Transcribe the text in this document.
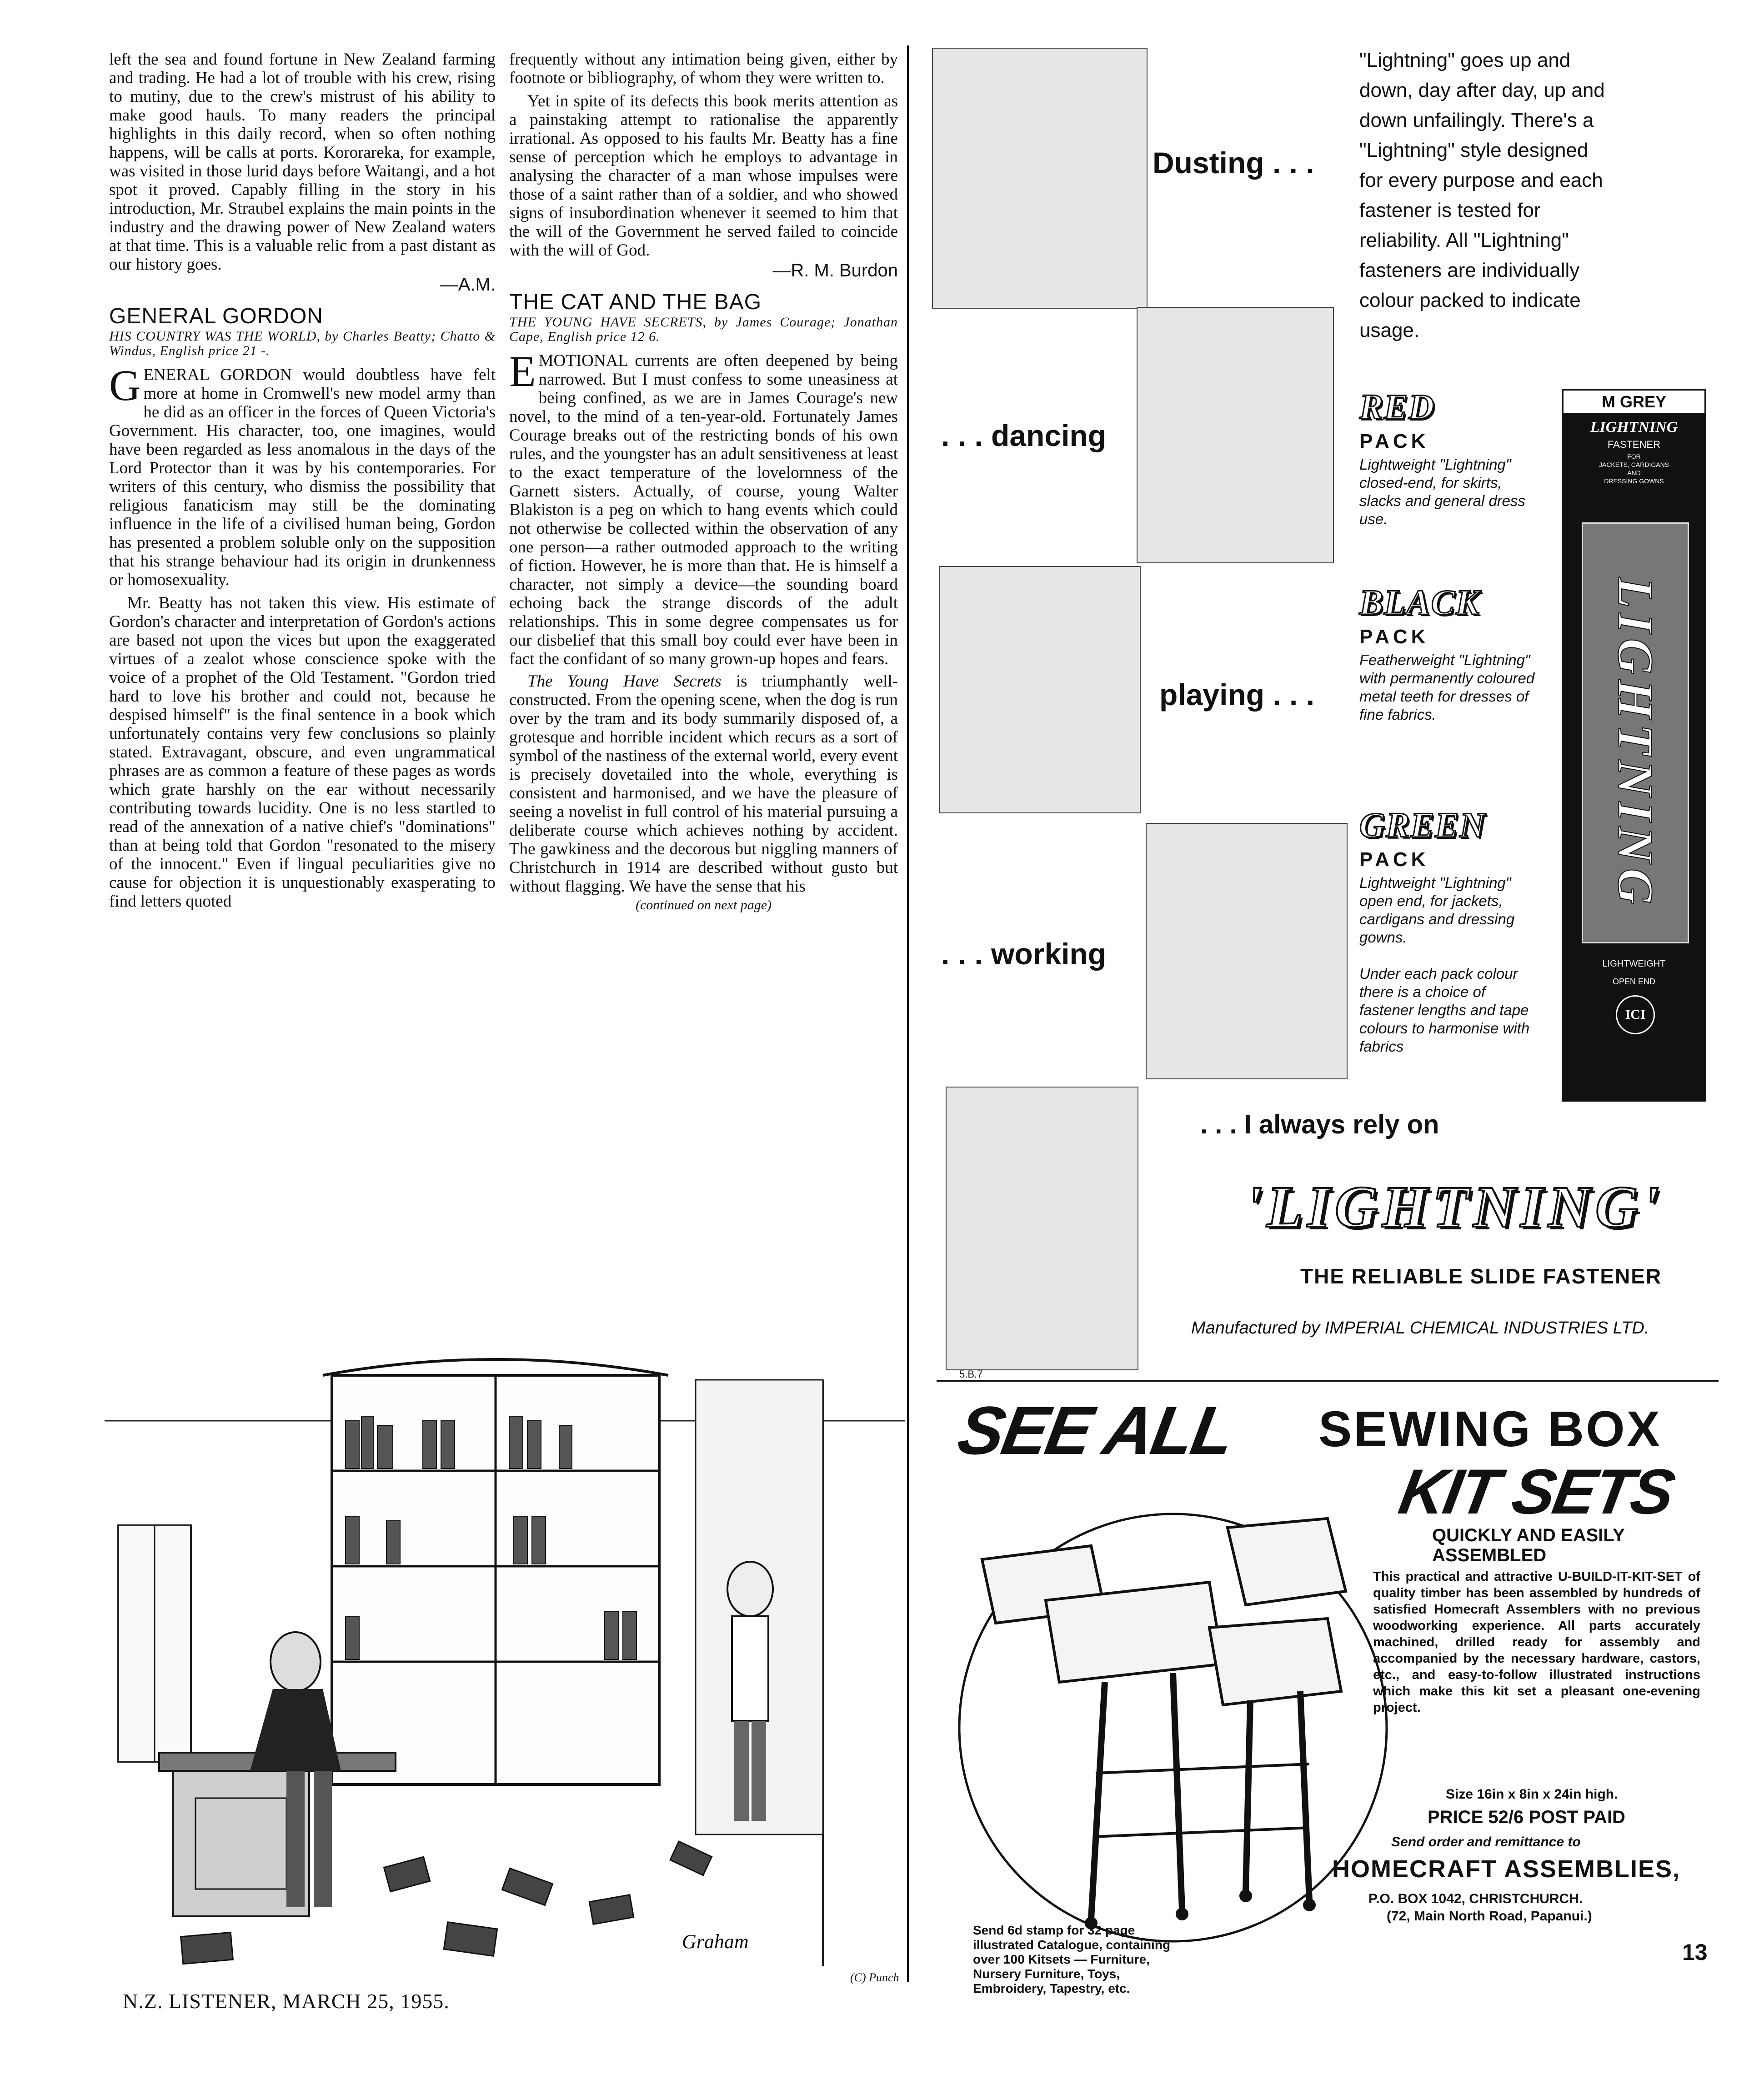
left the sea and found fortune in New Zealand farming and trading. He had a lot of trouble with his crew, rising to mutiny, due to the crew's mistrust of his ability to make good hauls. To many readers the principal highlights in this daily record, when so often nothing happens, will be calls at ports. Kororareka, for example, was visited in those lurid days before Waitangi, and a hot spot it proved. Capably filling in the story in his introduction, Mr. Straubel explains the main points in the industry and the drawing power of New Zealand waters at that time. This is a valuable relic from a past distant as our history goes.

—A.M.
GENERAL GORDON
HIS COUNTRY WAS THE WORLD, by Charles Beatty; Chatto & Windus, English price 21 -.

GENERAL GORDON would doubtless have felt more at home in Cromwell's new model army than he did as an officer in the forces of Queen Victoria's Government. His character, too, one imagines, would have been regarded as less anomalous in the days of the Lord Protector than it was by his contemporaries. For writers of this century, who dismiss the possibility that religious fanaticism may still be the dominating influence in the life of a civilised human being, Gordon has presented a problem soluble only on the supposition that his strange behaviour had its origin in drunkenness or homosexuality.

Mr. Beatty has not taken this view. His estimate of Gordon's character and interpretation of Gordon's actions are based not upon the vices but upon the exaggerated virtues of a zealot whose conscience spoke with the voice of a prophet of the Old Testament. "Gordon tried hard to love his brother and could not, because he despised himself" is the final sentence in a book which unfortunately contains very few conclusions so plainly stated. Extravagant, obscure, and even ungrammatical phrases are as common a feature of these pages as words which grate harshly on the ear without necessarily contributing towards lucidity. One is no less startled to read of the annexation of a native chief's "dominations" than at being told that Gordon "resonated to the misery of the innocent." Even if lingual peculiarities give no cause for objection it is unquestionably exasperating to find letters quoted

frequently without any intimation being given, either by footnote or bibliography, of whom they were written to.

Yet in spite of its defects this book merits attention as a painstaking attempt to rationalise the apparently irrational. As opposed to his faults Mr. Beatty has a fine sense of perception which he employs to advantage in analysing the character of a man whose impulses were those of a saint rather than of a soldier, and who showed signs of insubordination whenever it seemed to him that the will of the Government he served failed to coincide with the will of God.

—R. M. Burdon
THE CAT AND THE BAG
THE YOUNG HAVE SECRETS, by James Courage; Jonathan Cape, English price 12 6.

EMOTIONAL currents are often deepened by being narrowed. But I must confess to some uneasiness at being confined, as we are in James Courage's new novel, to the mind of a ten-year-old. Fortunately James Courage breaks out of the restricting bonds of his own rules, and the youngster has an adult sensitiveness at least to the exact temperature of the lovelornness of the Garnett sisters. Actually, of course, young Walter Blakiston is a peg on which to hang events which could not otherwise be collected within the observation of any one person—a rather outmoded approach to the writing of fiction. However, he is more than that. He is himself a character, not simply a device—the sounding board echoing back the strange discords of the adult relationships. This in some degree compensates us for our disbelief that this small boy could ever have been in fact the confidant of so many grown-up hopes and fears.

The Young Have Secrets is triumphantly well-constructed. From the opening scene, when the dog is run over by the tram and its body summarily disposed of, a grotesque and horrible incident which recurs as a sort of symbol of the nastiness of the external world, every event is precisely dovetailed into the whole, everything is consistent and harmonised, and we have the pleasure of seeing a novelist in full control of his material pursuing a deliberate course which achieves nothing by accident. The gawkiness and the decorous but niggling manners of Christchurch in 1914 are described without gusto but without flagging. We have the sense that his

(continued on next page)
Graham
(C) Punch
N.Z. LISTENER, MARCH 25, 1955.
13
Dusting . . .
. . . dancing
playing . . .
. . . working
"Lightning" goes up and down, day after day, up and down unfailingly. There's a "Lightning" style designed for every purpose and each fastener is tested for reliability. All "Lightning" fasteners are individually colour packed to indicate usage.
RED
PACK
Lightweight "Lightning" closed-end, for skirts, slacks and general dress use.
BLACK
PACK
Featherweight "Lightning" with permanently coloured metal teeth for dresses of fine fabrics.
GREEN
PACK
Lightweight "Lightning" open end, for jackets, cardigans and dressing gowns.
Under each pack colour there is a choice of fastener lengths and tape colours to harmonise with fabrics
M GREY
LIGHTNING
FASTENER
FOR
JACKETS, CARDIGANS
AND
DRESSING GOWNS
LIGHTNING
LIGHTWEIGHT
OPEN END
ICI
. . . I always rely on
'LIGHTNING'
THE RELIABLE SLIDE FASTENER
Manufactured by IMPERIAL CHEMICAL INDUSTRIES LTD.
5.B.7
SEE ALL SEWING BOX
KIT SETS
QUICKLY AND EASILY ASSEMBLED
This practical and attractive U-BUILD-IT-KIT-SET of quality timber has been assembled by hundreds of satisfied Homecraft Assemblers with no previous woodworking experience. All parts accurately machined, drilled ready for assembly and accompanied by the necessary hardware, castors, etc., and easy-to-follow illustrated instructions which make this kit set a pleasant one-evening project.
Size 16in x 8in x 24in high.
PRICE 52/6 POST PAID
Send order and remittance to
HOMECRAFT ASSEMBLIES,
P.O. BOX 1042, CHRISTCHURCH.
(72, Main North Road, Papanui.)
Send 6d stamp for 32 page illustrated Catalogue, containing over 100 Kitsets — Furniture, Nursery Furniture, Toys, Embroidery, Tapestry, etc.
